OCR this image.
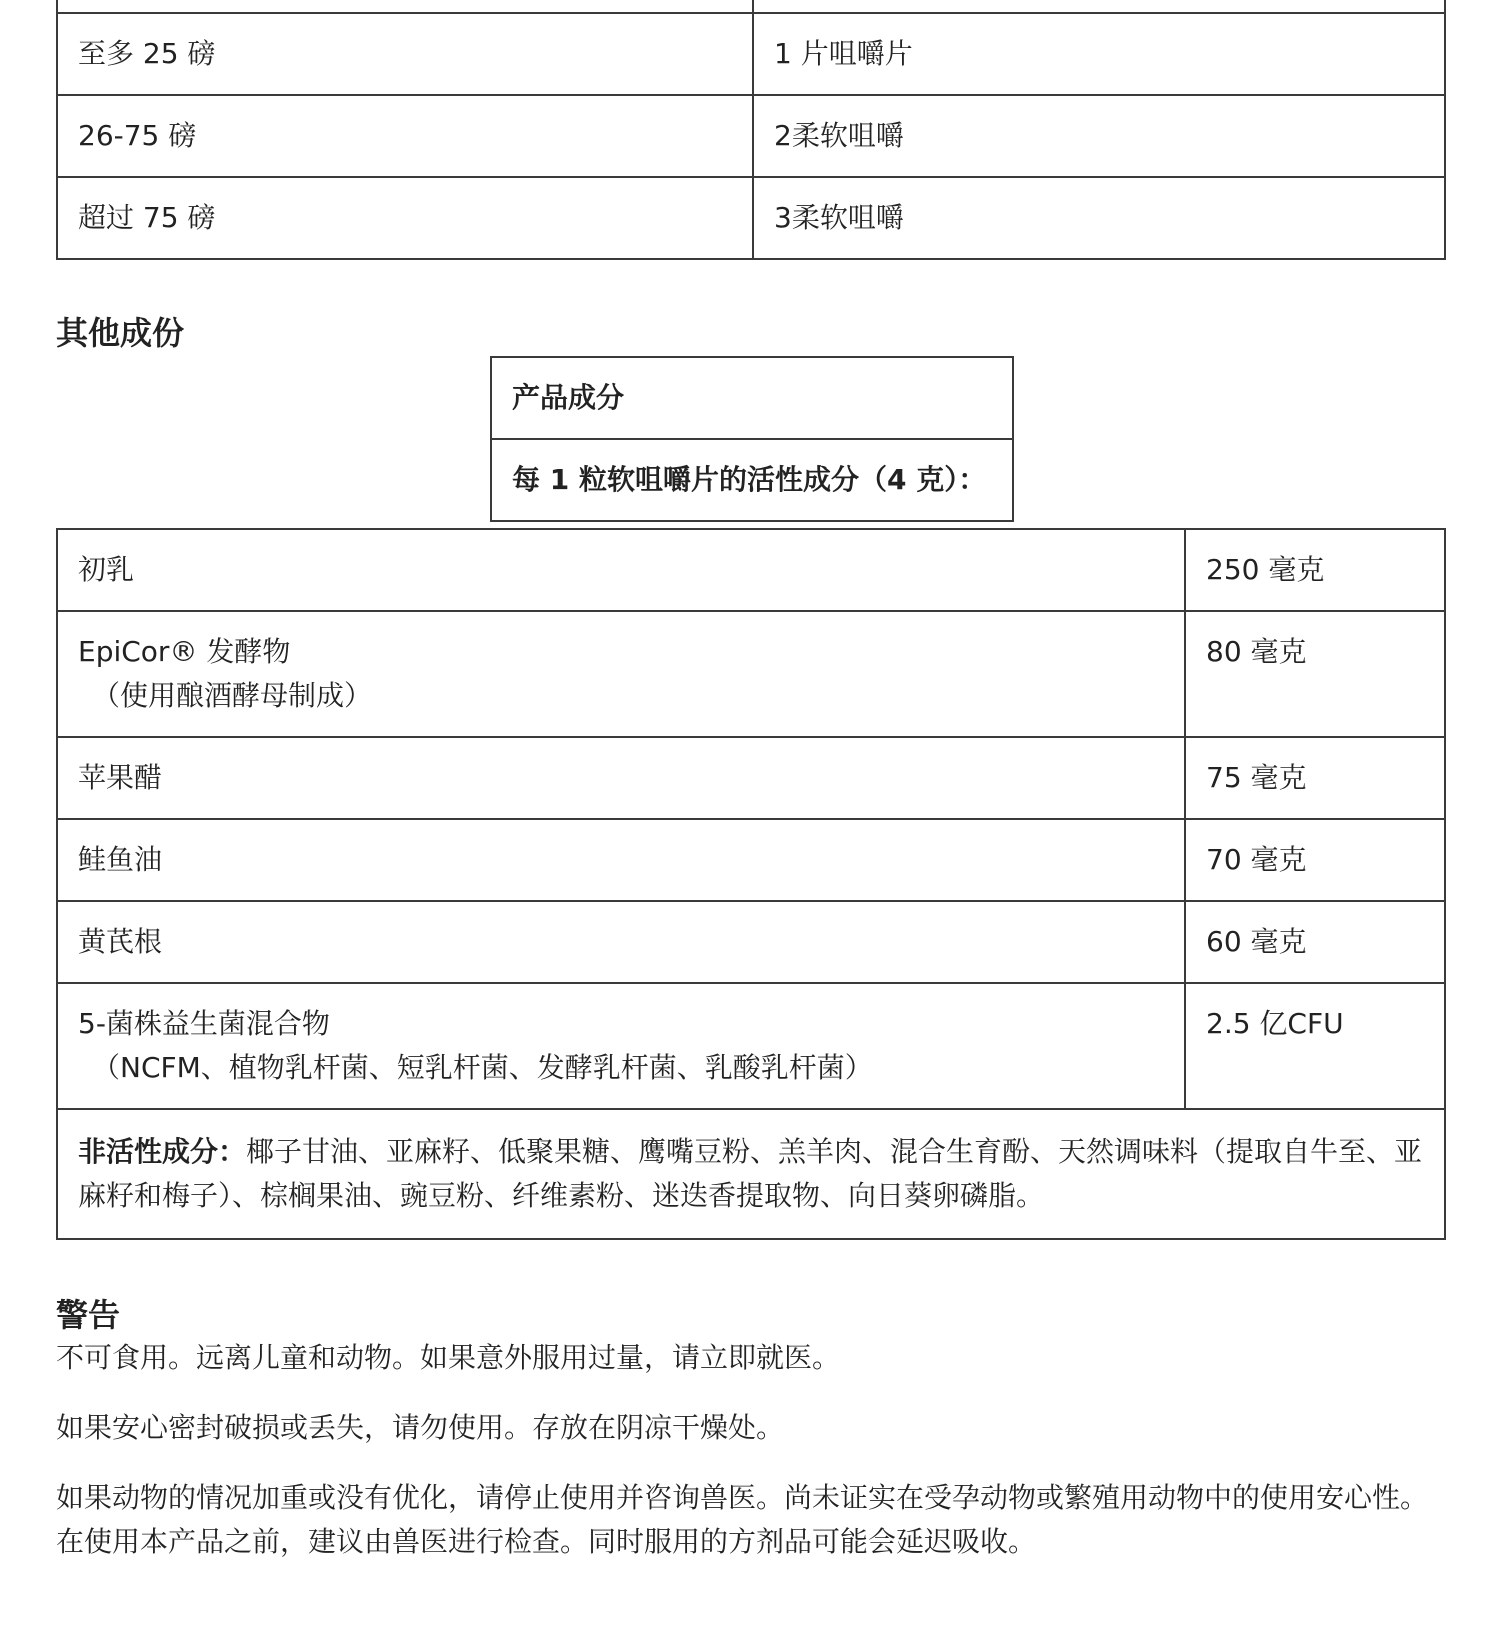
至多 25 磅	1 片咀嚼片
26-75 磅	2柔软咀嚼
超过 75 磅	3柔软咀嚼
其他成份
产品成分
每 1 粒软咀嚼片的活性成分（4 克）：
初乳	250 毫克
EpiCor® 发酵物
（使用酿酒酵母制成）	80 毫克
苹果醋	75 毫克
鲑鱼油	70 毫克
黄芪根	60 毫克
5-菌株益生菌混合物
（NCFM、植物乳杆菌、短乳杆菌、发酵乳杆菌、乳酸乳杆菌）	2.5 亿CFU
非活性成分：椰子甘油、亚麻籽、低聚果糖、鹰嘴豆粉、羔羊肉、混合生育酚、天然调味料（提取自牛至、亚麻籽和梅子）、棕榈果油、豌豆粉、纤维素粉、迷迭香提取物、向日葵卵磷脂。	
警告
不可食用。远离儿童和动物。如果意外服用过量，请立即就医。
如果安心密封破损或丢失，请勿使用。存放在阴凉干燥处。
如果动物的情况加重或没有优化，请停止使用并咨询兽医。尚未证实在受孕动物或繁殖用动物中的使用安心性。在使用本产品之前，建议由兽医进行检查。同时服用的方剂品可能会延迟吸收。
